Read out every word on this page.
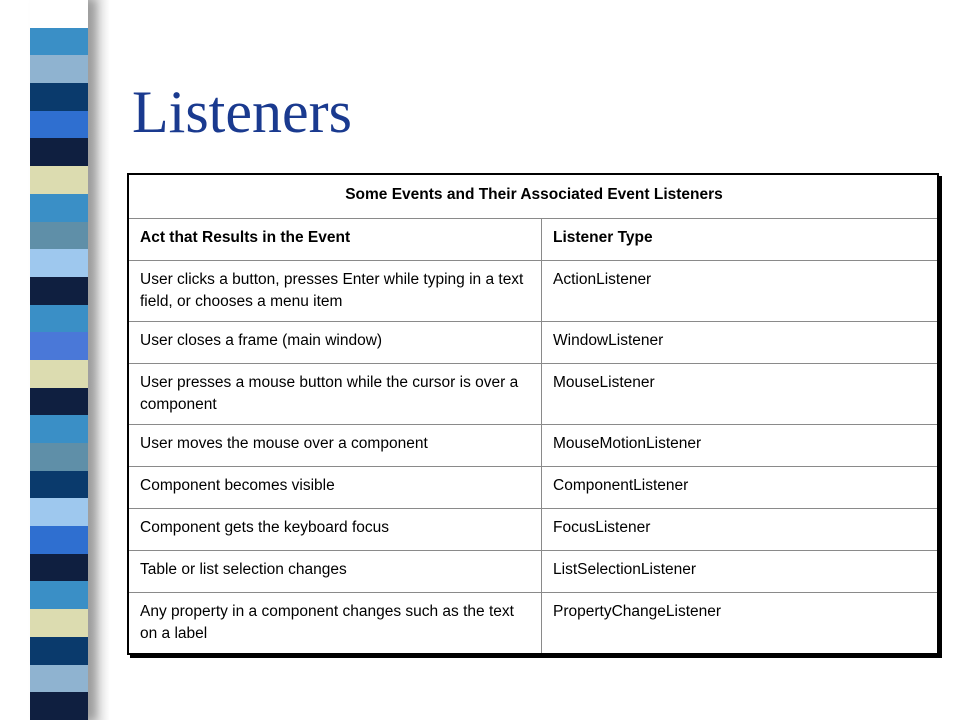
Listeners
Some Events and Their Associated Event Listeners	
Act that Results in the Event	Listener Type
User clicks a button, presses Enter while typing in a text field, or chooses a menu item	ActionListener
User closes a frame (main window)	WindowListener
User presses a mouse button while the cursor is over a component	MouseListener
User moves the mouse over a component	MouseMotionListener
Component becomes visible	ComponentListener
Component gets the keyboard focus	FocusListener
Table or list selection changes	ListSelectionListener
Any property in a component changes such as the text on a label	PropertyChangeListener
